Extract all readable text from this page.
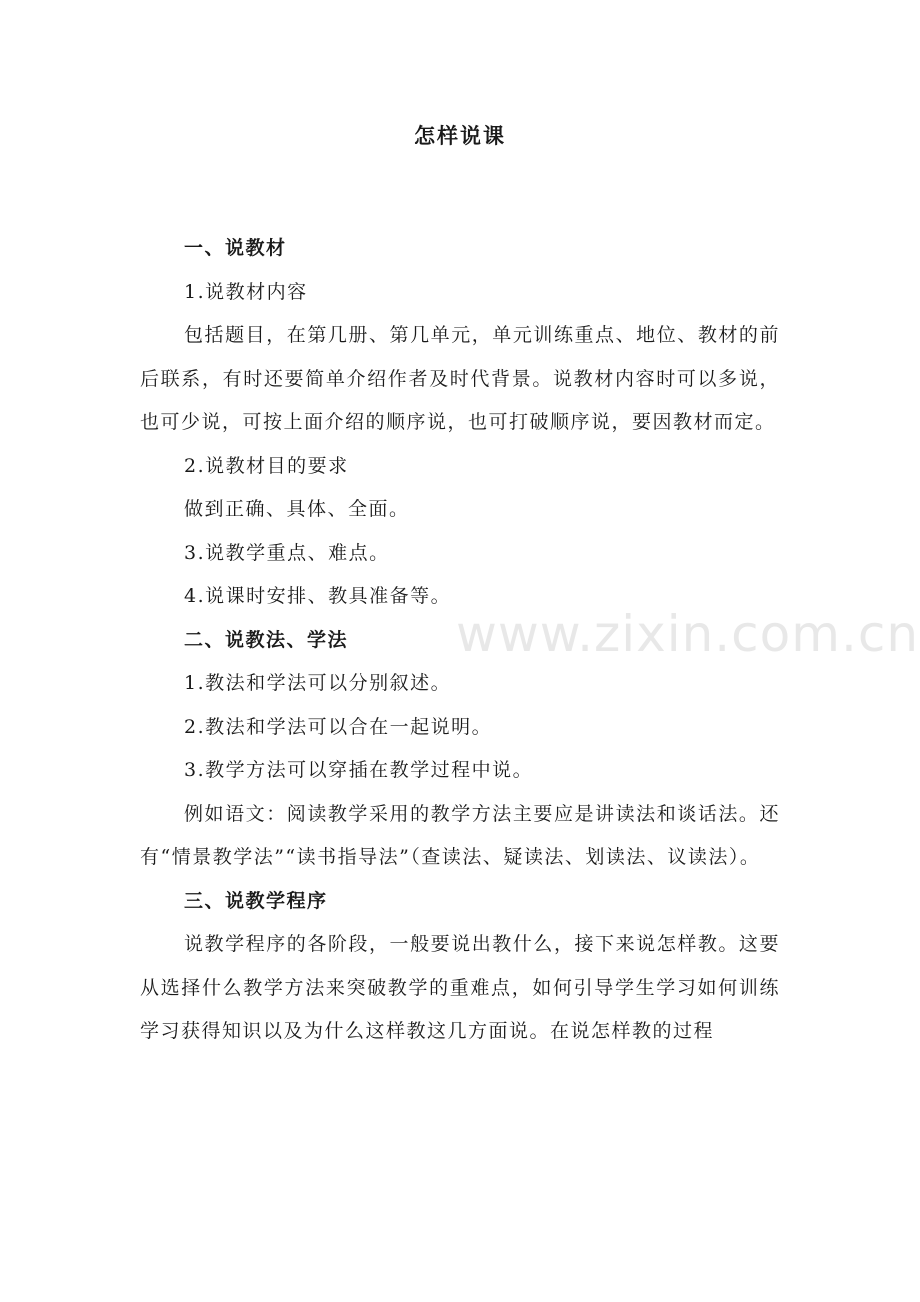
怎样说课

一、说教材

1.说教材内容

包括题目，在第几册、第几单元，单元训练重点、地位、教材的前后联系，有时还要简单介绍作者及时代背景。说教材内容时可以多说，也可少说，可按上面介绍的顺序说，也可打破顺序说，要因教材而定。

2.说教材目的要求

做到正确、具体、全面。

3.说教学重点、难点。

4.说课时安排、教具准备等。

二、说教法、学法

1.教法和学法可以分别叙述。

2.教法和学法可以合在一起说明。

3.教学方法可以穿插在教学过程中说。

例如语文：阅读教学采用的教学方法主要应是讲读法和谈话法。还有“情景教学法”“读书指导法”（查读法、疑读法、划读法、议读法）。

三、说教学程序

说教学程序的各阶段，一般要说出教什么，接下来说怎样教。这要从选择什么教学方法来突破教学的重难点，如何引导学生学习如何训练学习获得知识以及为什么这样教这几方面说。在说怎样教的过程

www.zixin.com.cn
